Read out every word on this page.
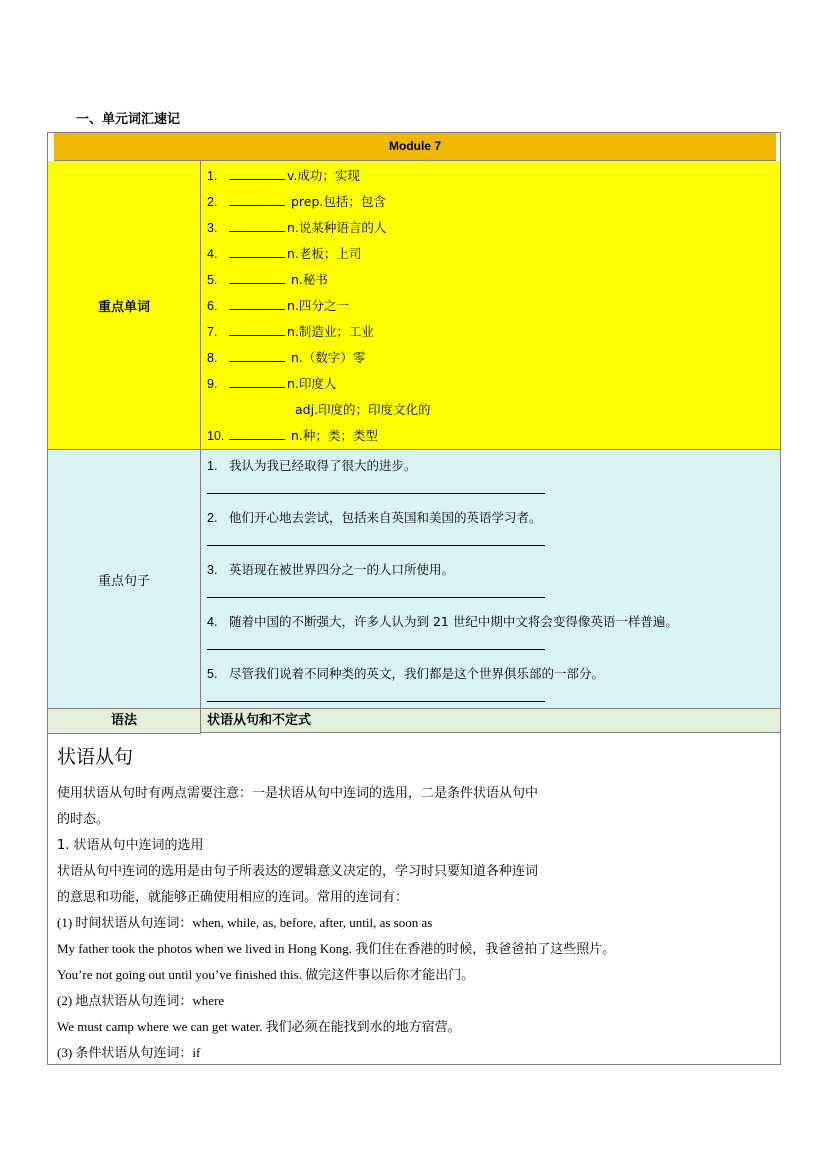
一、单元词汇速记
Module 7
重点单词
1.	v.成功；实现
2.	prep.包括；包含
3.	n.说某种语言的人
4.	n.老板；上司
5.	n.秘书
6.	n.四分之一
7.	n.制造业；工业
8.	n.（数字）零
9.	n.印度人
adj.印度的；印度文化的
10.	n.种；类；类型
重点句子
1. 我认为我已经取得了很大的进步。
2. 他们开心地去尝试，包括来自英国和美国的英语学习者。
3. 英语现在被世界四分之一的人口所使用。
4. 随着中国的不断强大，许多人认为到 21 世纪中期中文将会变得像英语一样普遍。
5. 尽管我们说着不同种类的英文，我们都是这个世界俱乐部的一部分。
语法	状语从句和不定式
状语从句
使用状语从句时有两点需要注意：一是状语从句中连词的选用，二是条件状语从句中
的时态。
1. 状语从句中连词的选用
状语从句中连词的选用是由句子所表达的逻辑意义决定的，学习时只要知道各种连词
的意思和功能，就能够正确使用相应的连词。常用的连词有：
(1) 时间状语从句连词：when, while, as, before, after, until, as soon as
My father took the photos when we lived in Hong Kong. 我们住在香港的时候，我爸爸拍了这些照片。
You’re not going out until you’ve finished this. 做完这件事以后你才能出门。
(2) 地点状语从句连词：where
We must camp where we can get water. 我们必须在能找到水的地方宿营。
(3) 条件状语从句连词：if
